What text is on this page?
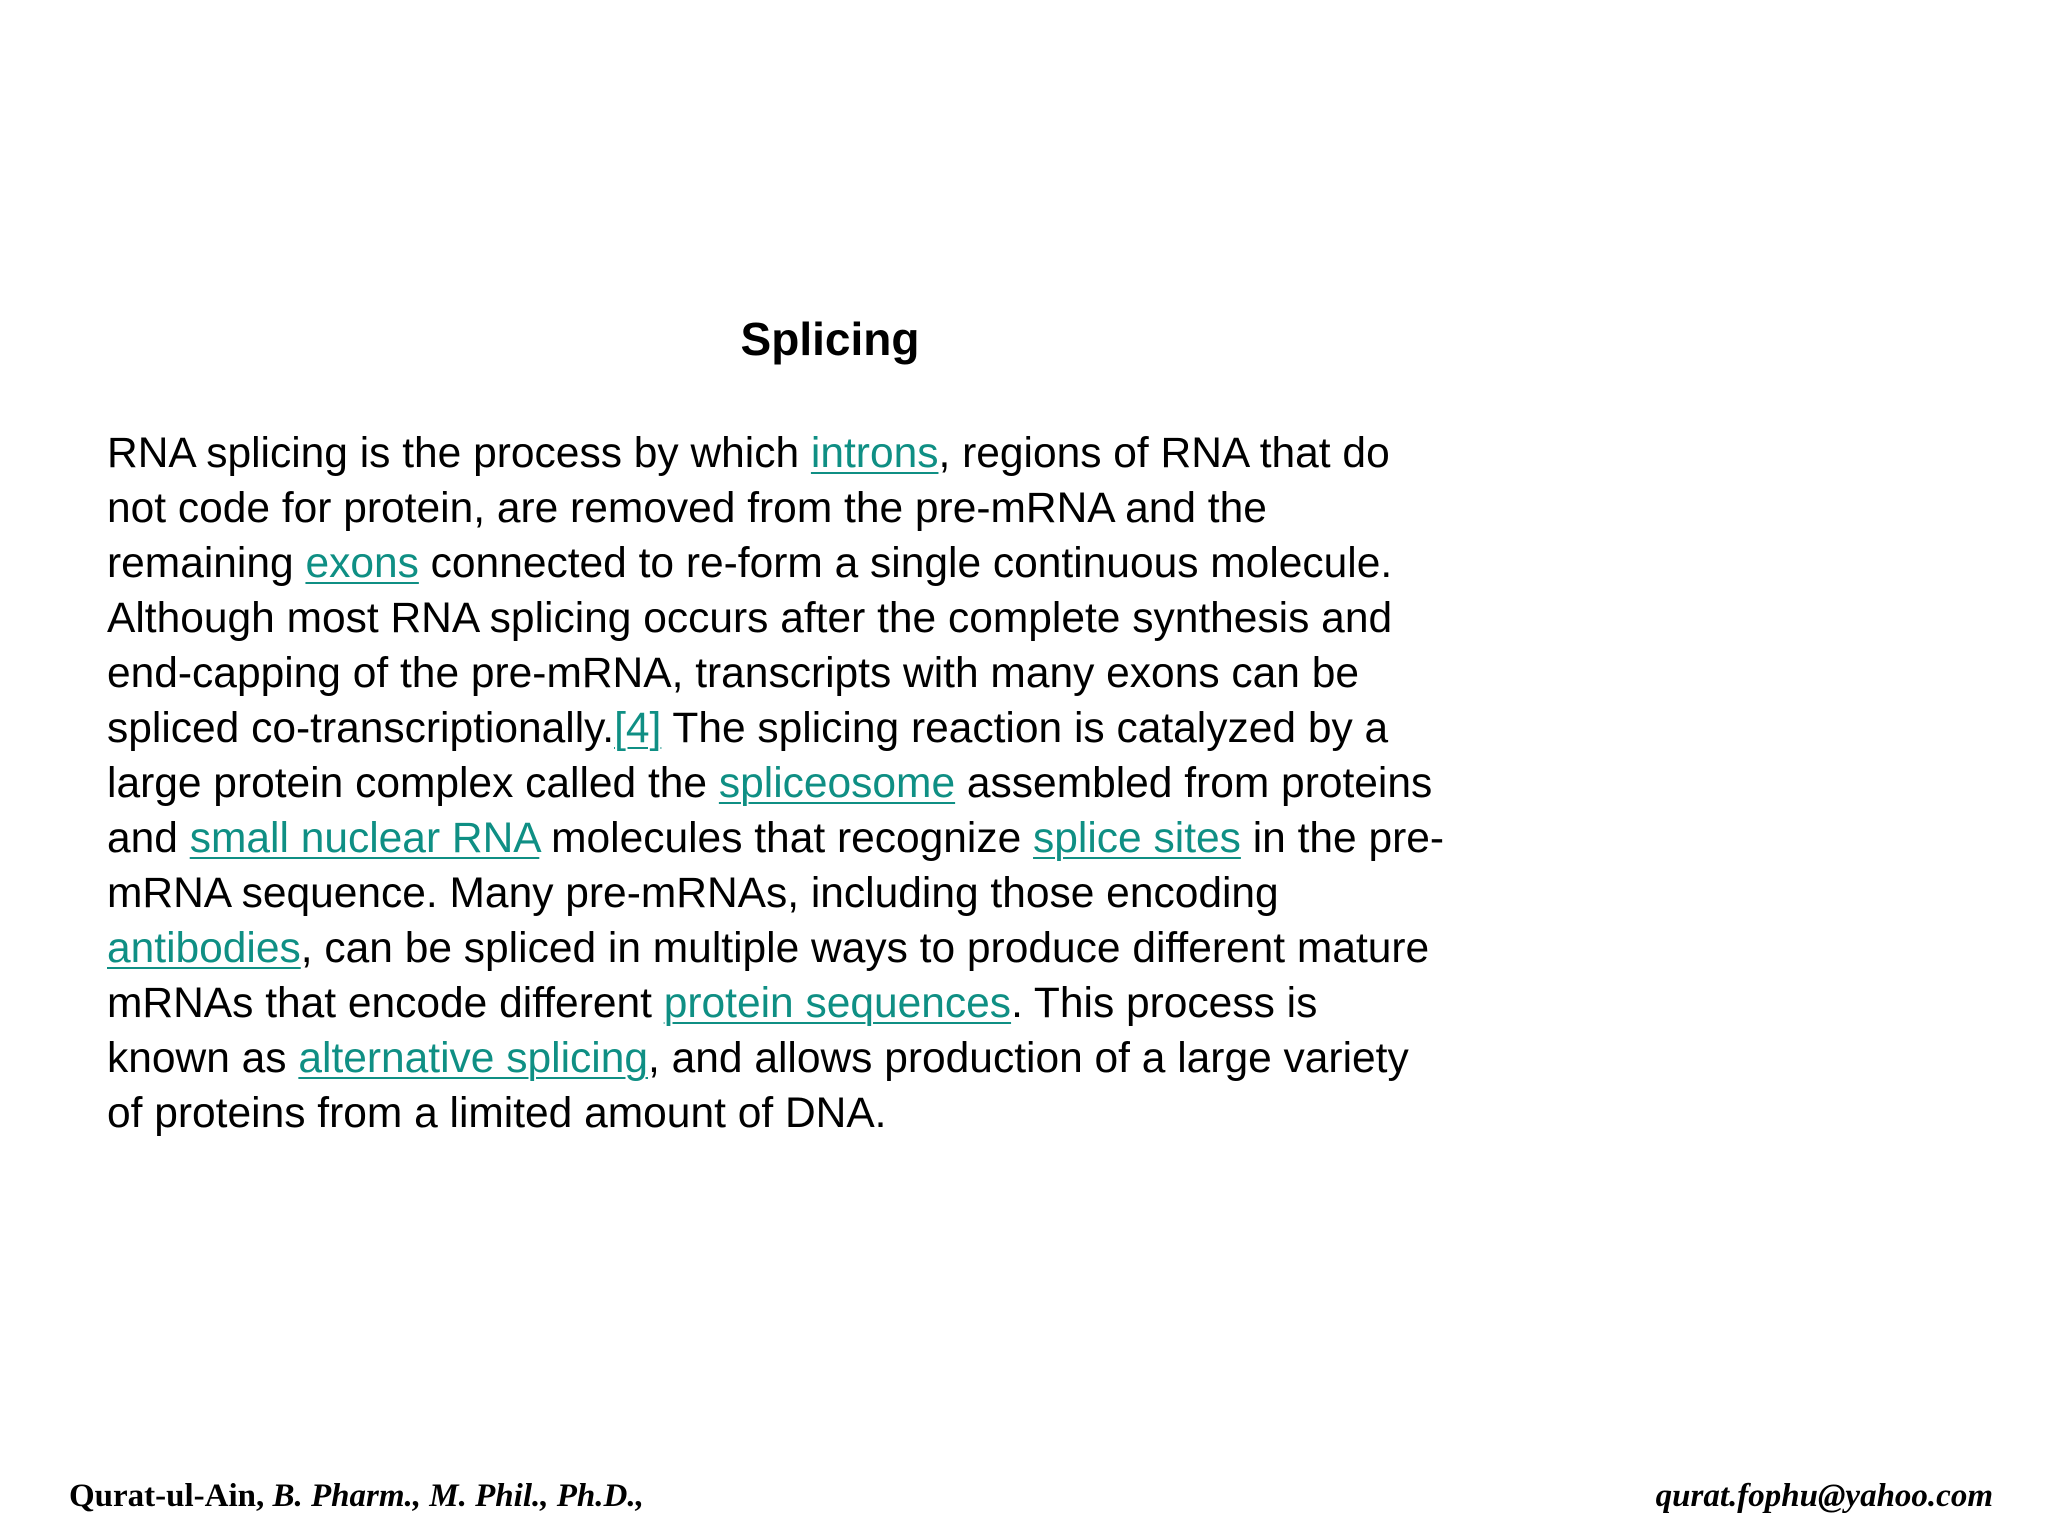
Splicing
RNA splicing is the process by which introns, regions of RNA that do
not code for protein, are removed from the pre-mRNA and the
remaining exons connected to re-form a single continuous molecule.
Although most RNA splicing occurs after the complete synthesis and
end-capping of the pre-mRNA, transcripts with many exons can be
spliced co-transcriptionally.[4] The splicing reaction is catalyzed by a
large protein complex called the spliceosome assembled from proteins
and small nuclear RNA molecules that recognize splice sites in the pre-
mRNA sequence. Many pre-mRNAs, including those encoding
antibodies, can be spliced in multiple ways to produce different mature
mRNAs that encode different protein sequences. This process is
known as alternative splicing, and allows production of a large variety
of proteins from a limited amount of DNA.
Qurat-ul-Ain, B. Pharm., M. Phil., Ph.D.,	qurat.fophu@yahoo.com
